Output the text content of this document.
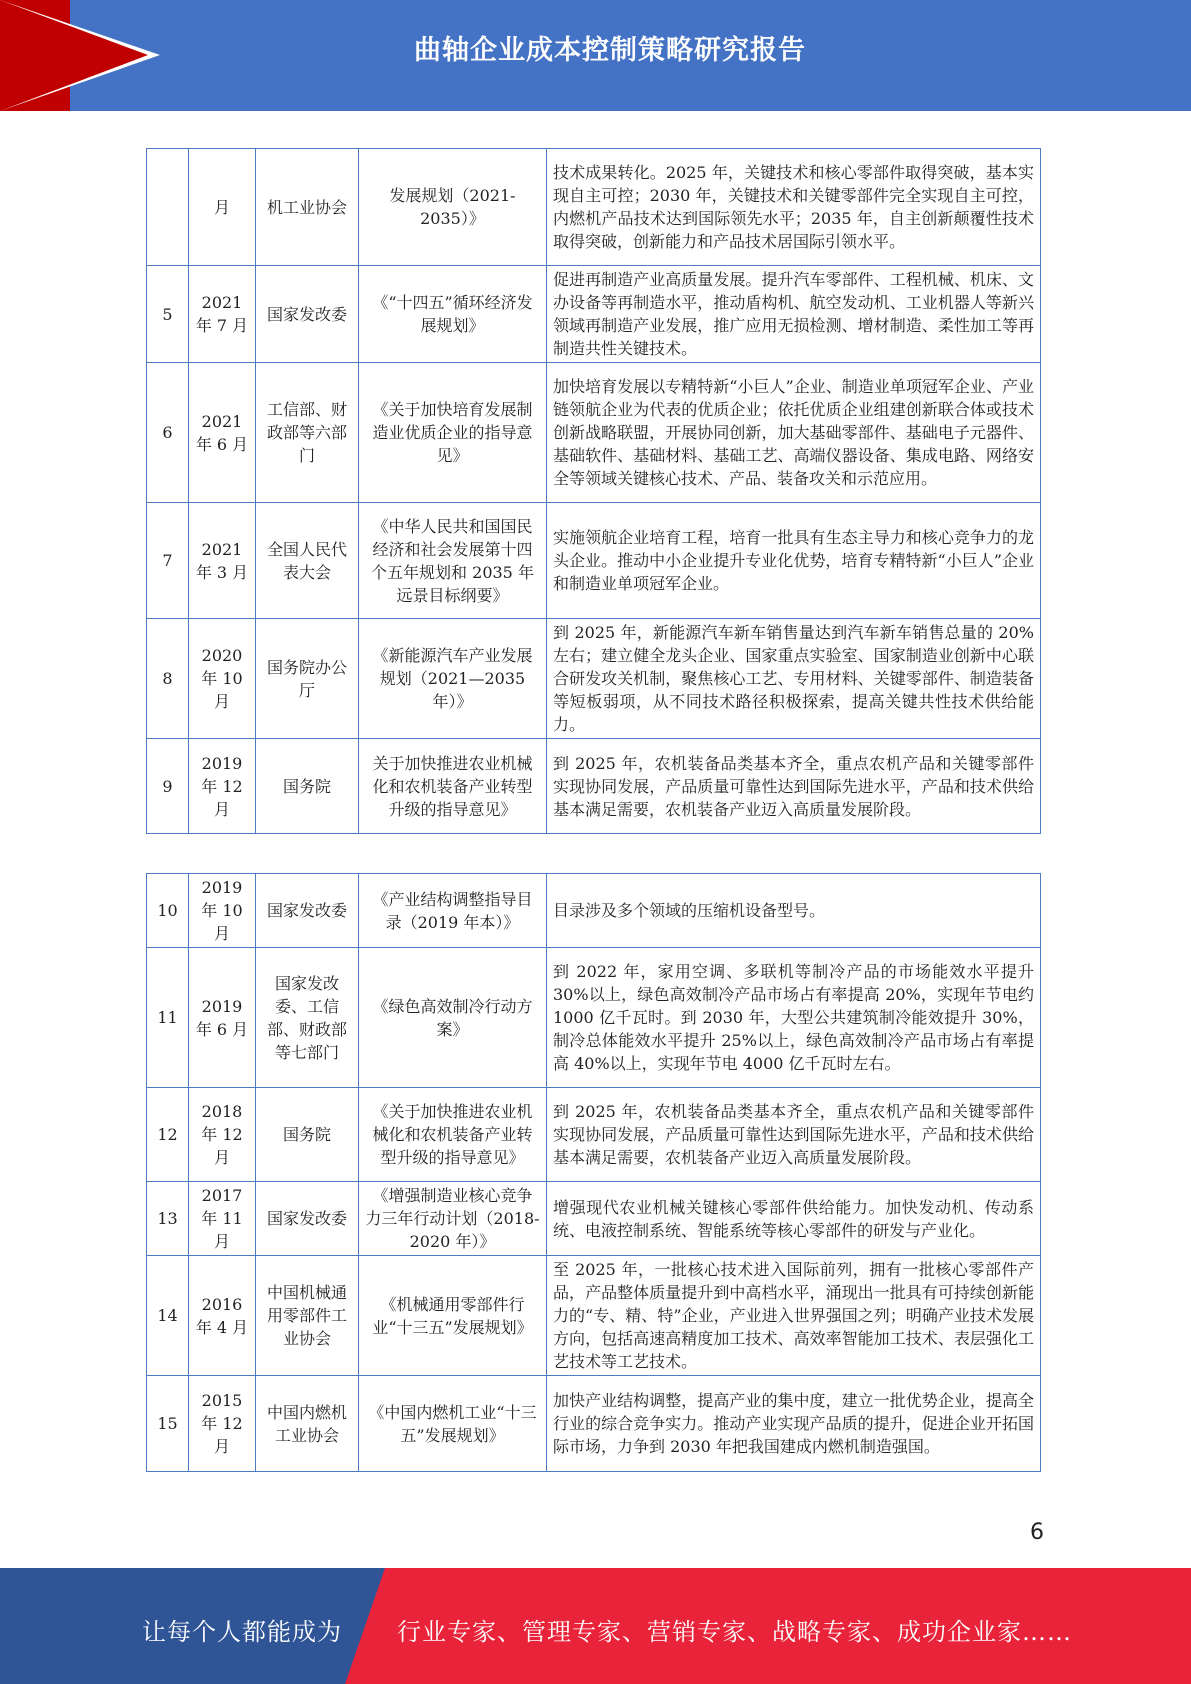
曲轴企业成本控制策略研究报告
	月	机工业协会	发展规划（2021-2035）》	技术成果转化。2025 年，关键技术和核心零部件取得突破，基本实现自主可控；2030 年，关键技术和关键零部件完全实现自主可控，内燃机产品技术达到国际领先水平；2035 年，自主创新颠覆性技术取得突破，创新能力和产品技术居国际引领水平。
5	2021 年 7 月	国家发改委	《“十四五”循环经济发展规划》	促进再制造产业高质量发展。提升汽车零部件、工程机械、机床、文办设备等再制造水平，推动盾构机、航空发动机、工业机器人等新兴领域再制造产业发展，推广应用无损检测、增材制造、柔性加工等再制造共性关键技术。
6	2021 年 6 月	工信部、财政部等六部门	《关于加快培育发展制造业优质企业的指导意见》	加快培育发展以专精特新“小巨人”企业、制造业单项冠军企业、产业链领航企业为代表的优质企业；依托优质企业组建创新联合体或技术创新战略联盟，开展协同创新，加大基础零部件、基础电子元器件、基础软件、基础材料、基础工艺、高端仪器设备、集成电路、网络安全等领域关键核心技术、产品、装备攻关和示范应用。
7	2021 年 3 月	全国人民代表大会	《中华人民共和国国民经济和社会发展第十四个五年规划和 2035 年远景目标纲要》	实施领航企业培育工程，培育一批具有生态主导力和核心竞争力的龙头企业。推动中小企业提升专业化优势，培育专精特新“小巨人”企业和制造业单项冠军企业。
8	2020 年 10 月	国务院办公厅	《新能源汽车产业发展规划（2021—2035 年）》	到 2025 年，新能源汽车新车销售量达到汽车新车销售总量的 20%左右；建立健全龙头企业、国家重点实验室、国家制造业创新中心联合研发攻关机制，聚焦核心工艺、专用材料、关键零部件、制造装备等短板弱项，从不同技术路径积极探索，提高关键共性技术供给能力。
9	2019 年 12 月	国务院	关于加快推进农业机械化和农机装备产业转型升级的指导意见》	到 2025 年，农机装备品类基本齐全，重点农机产品和关键零部件实现协同发展，产品质量可靠性达到国际先进水平，产品和技术供给基本满足需要，农机装备产业迈入高质量发展阶段。
10	2019 年 10 月	国家发改委	《产业结构调整指导目录（2019 年本）》	目录涉及多个领域的压缩机设备型号。
11	2019 年 6 月	国家发改委、工信部、财政部等七部门	《绿色高效制冷行动方案》	到 2022 年，家用空调、多联机等制冷产品的市场能效水平提升 30%以上，绿色高效制冷产品市场占有率提高 20%，实现年节电约 1000 亿千瓦时。到 2030 年，大型公共建筑制冷能效提升 30%，制冷总体能效水平提升 25%以上，绿色高效制冷产品市场占有率提高 40%以上，实现年节电 4000 亿千瓦时左右。
12	2018 年 12 月	国务院	《关于加快推进农业机械化和农机装备产业转型升级的指导意见》	到 2025 年，农机装备品类基本齐全，重点农机产品和关键零部件实现协同发展，产品质量可靠性达到国际先进水平，产品和技术供给基本满足需要，农机装备产业迈入高质量发展阶段。
13	2017 年 11 月	国家发改委	《增强制造业核心竞争力三年行动计划（2018-2020 年）》	增强现代农业机械关键核心零部件供给能力。加快发动机、传动系统、电液控制系统、智能系统等核心零部件的研发与产业化。
14	2016 年 4 月	中国机械通用零部件工业协会	《机械通用零部件行业“十三五”发展规划》	至 2025 年，一批核心技术进入国际前列，拥有一批核心零部件产品，产品整体质量提升到中高档水平，涌现出一批具有可持续创新能力的“专、精、特”企业，产业进入世界强国之列；明确产业技术发展方向，包括高速高精度加工技术、高效率智能加工技术、表层强化工艺技术等工艺技术。
15	2015 年 12 月	中国内燃机工业协会	《中国内燃机工业“十三五”发展规划》	加快产业结构调整，提高产业的集中度，建立一批优势企业，提高全行业的综合竞争实力。推动产业实现产品质的提升，促进企业开拓国际市场，力争到 2030 年把我国建成内燃机制造强国。
6
让每个人都能成为 行业专家、管理专家、营销专家、战略专家、成功企业家……
